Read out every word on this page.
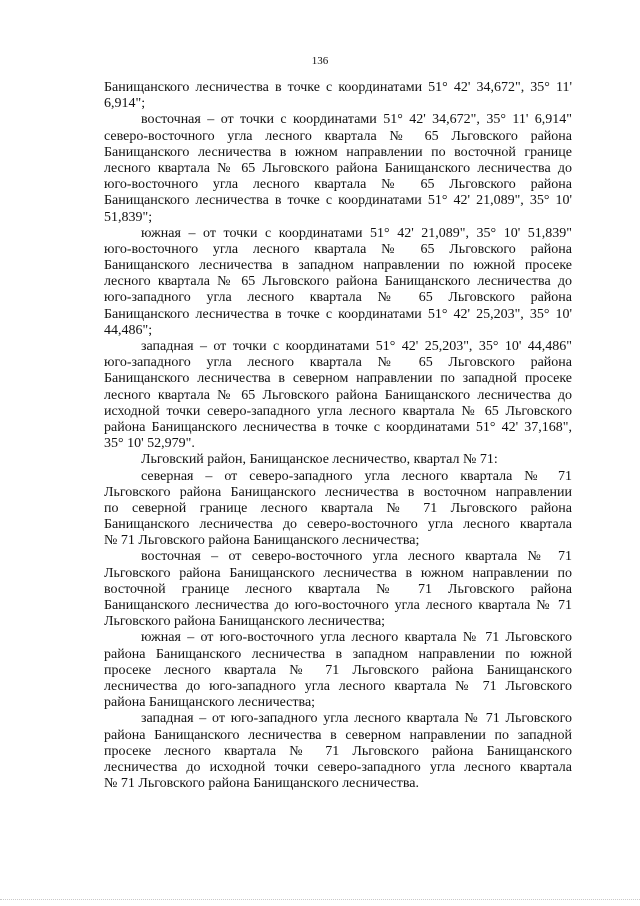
136
Банищанского лесничества в точке с координатами 51° 42' 34,672", 35° 11'
6,914";
восточная – от точки с координатами 51° 42' 34,672", 35° 11' 6,914"
северо-восточного угла лесного квартала № 65 Льговского района
Банищанского лесничества в южном направлении по восточной границе
лесного квартала № 65 Льговского района Банищанского лесничества до
юго-восточного угла лесного квартала № 65 Льговского района
Банищанского лесничества в точке с координатами 51° 42' 21,089", 35° 10'
51,839";
южная – от точки с координатами 51° 42' 21,089", 35° 10' 51,839"
юго-восточного угла лесного квартала № 65 Льговского района
Банищанского лесничества в западном направлении по южной просеке
лесного квартала № 65 Льговского района Банищанского лесничества до
юго-западного угла лесного квартала № 65 Льговского района
Банищанского лесничества в точке с координатами 51° 42' 25,203", 35° 10'
44,486";
западная – от точки с координатами 51° 42' 25,203", 35° 10' 44,486"
юго-западного угла лесного квартала № 65 Льговского района
Банищанского лесничества в северном направлении по западной просеке
лесного квартала № 65 Льговского района Банищанского лесничества до
исходной точки северо-западного угла лесного квартала № 65 Льговского
района Банищанского лесничества в точке с координатами 51° 42' 37,168",
35° 10' 52,979".
Льговский район, Банищанское лесничество, квартал № 71:
северная – от северо-западного угла лесного квартала № 71
Льговского района Банищанского лесничества в восточном направлении
по северной границе лесного квартала № 71 Льговского района
Банищанского лесничества до северо-восточного угла лесного квартала
№ 71 Льговского района Банищанского лесничества;
восточная – от северо-восточного угла лесного квартала № 71
Льговского района Банищанского лесничества в южном направлении по
восточной границе лесного квартала № 71 Льговского района
Банищанского лесничества до юго-восточного угла лесного квартала № 71
Льговского района Банищанского лесничества;
южная – от юго-восточного угла лесного квартала № 71 Льговского
района Банищанского лесничества в западном направлении по южной
просеке лесного квартала № 71 Льговского района Банищанского
лесничества до юго-западного угла лесного квартала № 71 Льговского
района Банищанского лесничества;
западная – от юго-западного угла лесного квартала № 71 Льговского
района Банищанского лесничества в северном направлении по западной
просеке лесного квартала № 71 Льговского района Банищанского
лесничества до исходной точки северо-западного угла лесного квартала
№ 71 Льговского района Банищанского лесничества.
